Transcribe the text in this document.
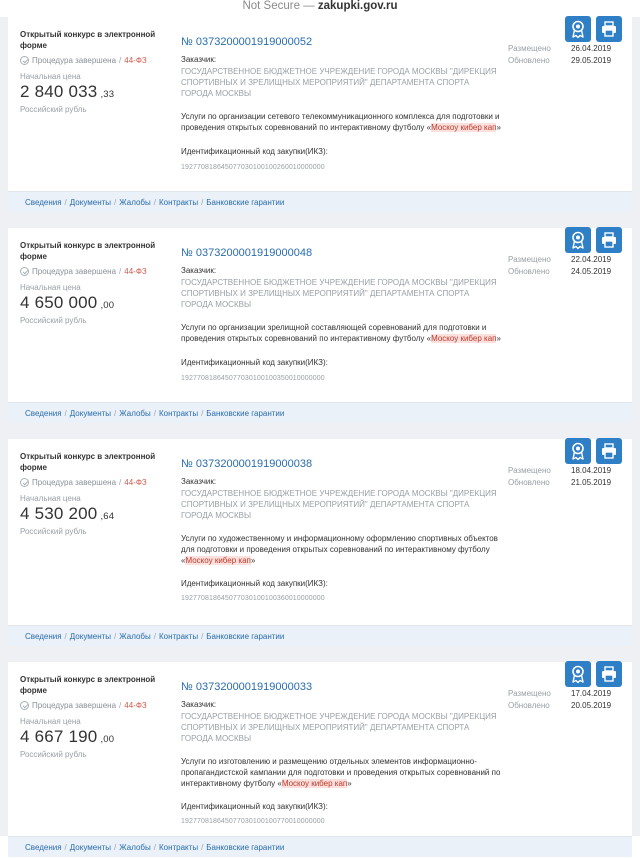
Not Secure — zakupki.gov.ru
Открытый конкурс в электронной форме
Процедура завершена / 44-ФЗ
Начальная цена
2 840 033 ,33
Российский рубль
№ 0373200001919000052
Заказчик:
ГОСУДАРСТВЕННОЕ БЮДЖЕТНОЕ УЧРЕЖДЕНИЕ ГОРОДА МОСКВЫ "ДИРЕКЦИЯ СПОРТИВНЫХ И ЗРЕЛИЩНЫХ МЕРОПРИЯТИЙ" ДЕПАРТАМЕНТА СПОРТА ГОРОДА МОСКВЫ
Услуги по организации сетевого телекоммуникационного комплекса для подготовки и проведения открытых соревнований по интерактивному футболу «Москоу кибер кап»
Идентификационный код закупки(ИКЗ):
192770818645077030100100260010000000
Размещено	26.04.2019
Обновлено	29.05.2019
Сведения / Документы / Жалобы / Контракты / Банковские гарантии
Открытый конкурс в электронной форме
Процедура завершена / 44-ФЗ
Начальная цена
4 650 000 ,00
Российский рубль
№ 0373200001919000048
Заказчик:
ГОСУДАРСТВЕННОЕ БЮДЖЕТНОЕ УЧРЕЖДЕНИЕ ГОРОДА МОСКВЫ "ДИРЕКЦИЯ СПОРТИВНЫХ И ЗРЕЛИЩНЫХ МЕРОПРИЯТИЙ" ДЕПАРТАМЕНТА СПОРТА ГОРОДА МОСКВЫ
Услуги по организации зрелищной составляющей соревнований для подготовки и проведения открытых соревнований по интерактивному футболу «Москоу кибер кап»
Идентификационный код закупки(ИКЗ):
192770818645077030100100350010000000
Размещено	22.04.2019
Обновлено	24.05.2019
Сведения / Документы / Жалобы / Контракты / Банковские гарантии
Открытый конкурс в электронной форме
Процедура завершена / 44-ФЗ
Начальная цена
4 530 200 ,64
Российский рубль
№ 0373200001919000038
Заказчик:
ГОСУДАРСТВЕННОЕ БЮДЖЕТНОЕ УЧРЕЖДЕНИЕ ГОРОДА МОСКВЫ "ДИРЕКЦИЯ СПОРТИВНЫХ И ЗРЕЛИЩНЫХ МЕРОПРИЯТИЙ" ДЕПАРТАМЕНТА СПОРТА ГОРОДА МОСКВЫ
Услуги по художественному и информационному оформлению спортивных объектов для подготовки и проведения открытых соревнований по интерактивному футболу «Москоу кибер кап»
Идентификационный код закупки(ИКЗ):
192770818645077030100100360010000000
Размещено	18.04.2019
Обновлено	21.05.2019
Сведения / Документы / Жалобы / Контракты / Банковские гарантии
Открытый конкурс в электронной форме
Процедура завершена / 44-ФЗ
Начальная цена
4 667 190 ,00
Российский рубль
№ 0373200001919000033
Заказчик:
ГОСУДАРСТВЕННОЕ БЮДЖЕТНОЕ УЧРЕЖДЕНИЕ ГОРОДА МОСКВЫ "ДИРЕКЦИЯ СПОРТИВНЫХ И ЗРЕЛИЩНЫХ МЕРОПРИЯТИЙ" ДЕПАРТАМЕНТА СПОРТА ГОРОДА МОСКВЫ
Услуги по изготовлению и размещению отдельных элементов информационно-пропагандистской кампании для подготовки и проведения открытых соревнований по интерактивному футболу «Москоу кибер кап»
Идентификационный код закупки(ИКЗ):
192770818645077030100100770010000000
Размещено	17.04.2019
Обновлено	20.05.2019
Сведения / Документы / Жалобы / Контракты / Банковские гарантии
